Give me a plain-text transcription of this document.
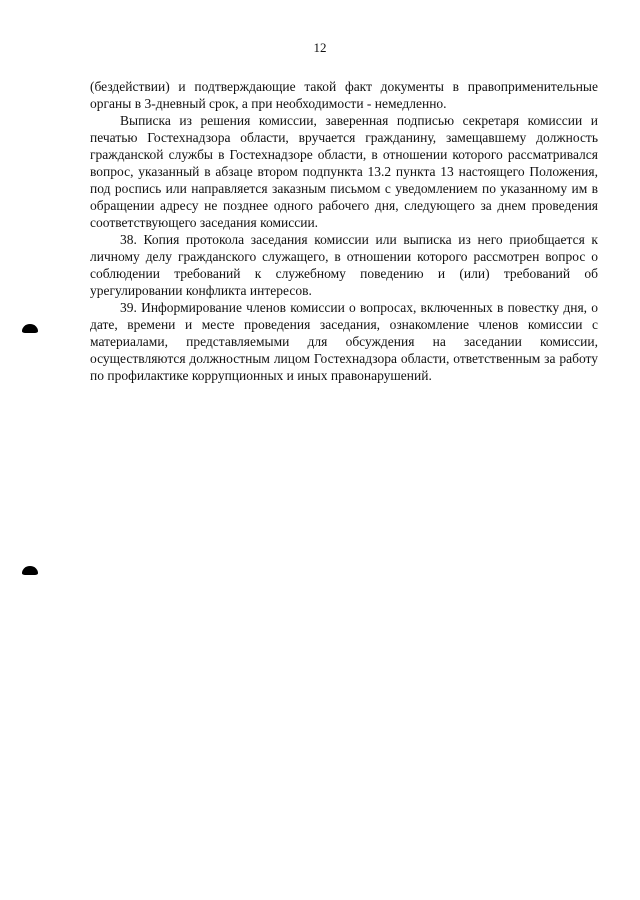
12

(бездействии) и подтверждающие такой факт документы в правоприменительные органы в 3-дневный срок, а при необходимости - немедленно.

Выписка из решения комиссии, заверенная подписью секретаря комиссии и печатью Гостехнадзора области, вручается гражданину, замещавшему должность гражданской службы в Гостехнадзоре области, в отношении которого рассматривался вопрос, указанный в абзаце втором подпункта 13.2 пункта 13 настоящего Положения, под роспись или направляется заказным письмом с уведомлением по указанному им в обращении адресу не позднее одного рабочего дня, следующего за днем проведения соответствующего заседания комиссии.

38. Копия протокола заседания комиссии или выписка из него приобщается к личному делу гражданского служащего, в отношении которого рассмотрен вопрос о соблюдении требований к служебному поведению и (или) требований об урегулировании конфликта интересов.

39. Информирование членов комиссии о вопросах, включенных в повестку дня, о дате, времени и месте проведения заседания, ознакомление членов комиссии с материалами, представляемыми для обсуждения на заседании комиссии, осуществляются должностным лицом Гостехнадзора области, ответственным за работу по профилактике коррупционных и иных правонарушений.
